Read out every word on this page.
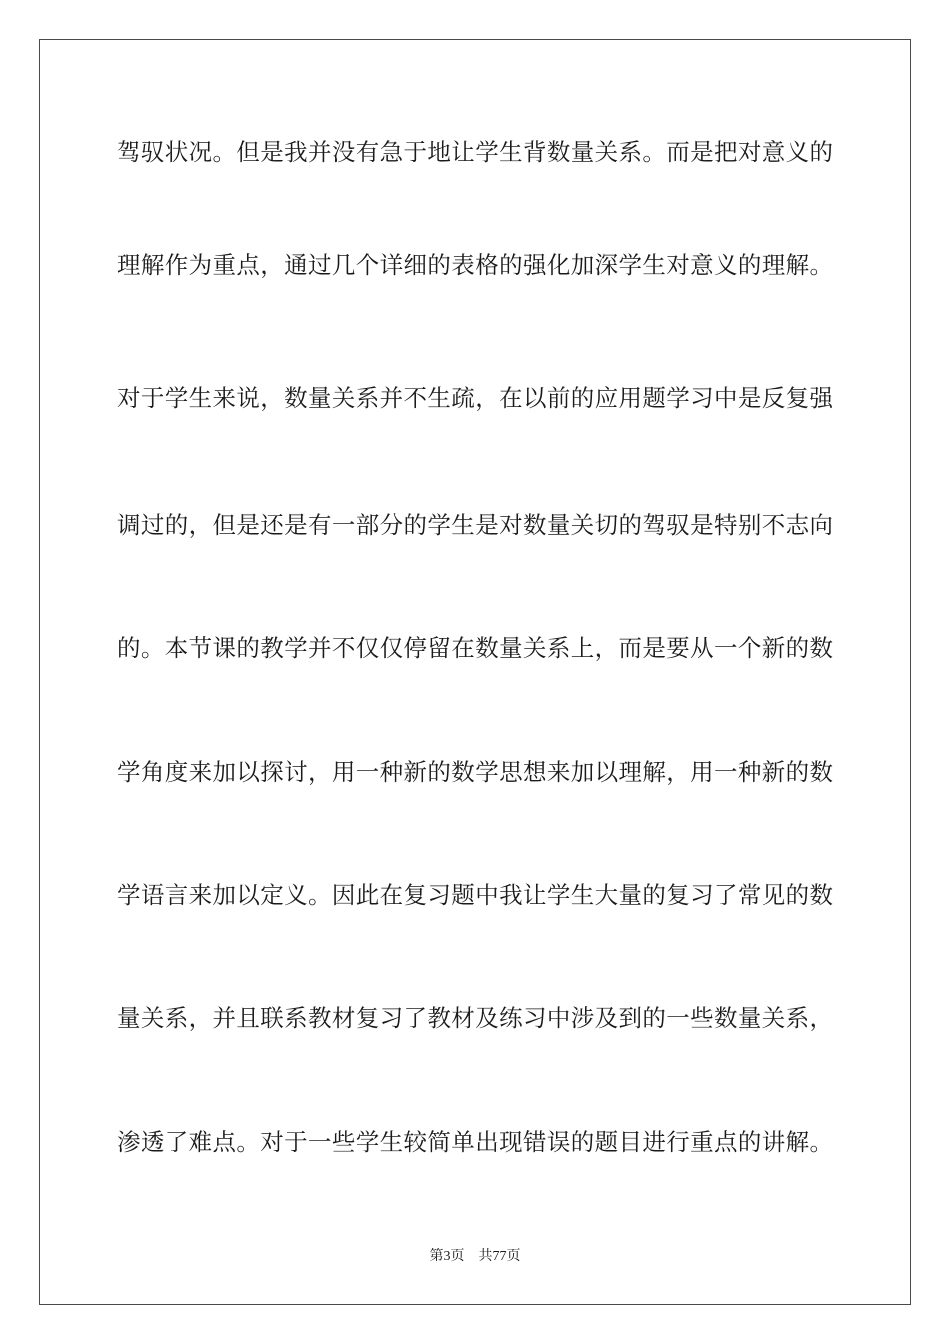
驾驭状况。但是我并没有急于地让学生背数量关系。而是把对意义的
理解作为重点，通过几个详细的表格的强化加深学生对意义的理解。
对于学生来说，数量关系并不生疏，在以前的应用题学习中是反复强
调过的，但是还是有一部分的学生是对数量关切的驾驭是特别不志向
的。本节课的教学并不仅仅停留在数量关系上，而是要从一个新的数
学角度来加以探讨，用一种新的数学思想来加以理解，用一种新的数
学语言来加以定义。因此在复习题中我让学生大量的复习了常见的数
量关系，并且联系教材复习了教材及练习中涉及到的一些数量关系，
渗透了难点。对于一些学生较简单出现错误的题目进行重点的讲解。
第3页 共77页
